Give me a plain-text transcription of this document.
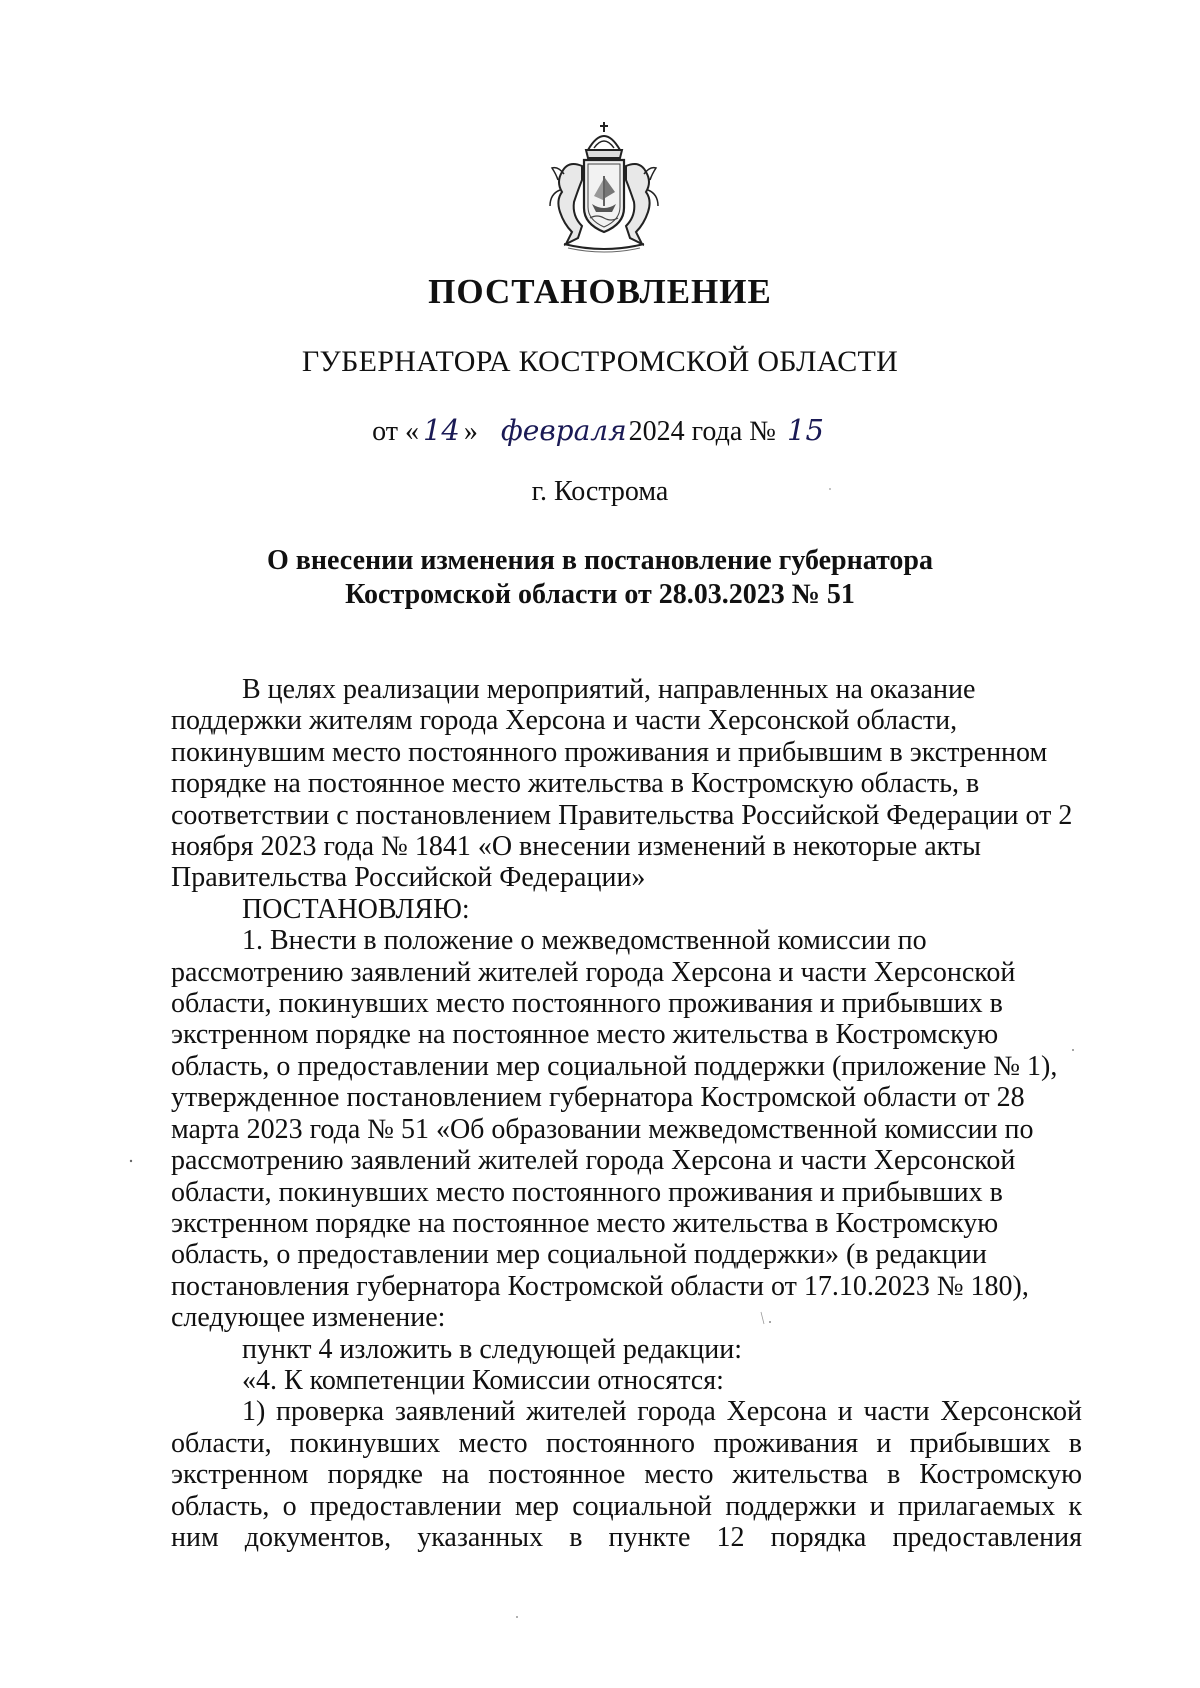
ПОСТАНОВЛЕНИЕ
ГУБЕРНАТОРА КОСТРОМСКОЙ ОБЛАСТИ
от « 14 » февраля2024 года № 15
г. Кострома
О внесении изменения в постановление губернатора
Костромской области от 28.03.2023 № 51

В целях реализации мероприятий, направленных на оказание поддержки жителям города Херсона и части Херсонской области, покинувшим место постоянного проживания и прибывшим в экстренном порядке на постоянное место жительства в Костромскую область, в соответствии с постановлением Правительства Российской Федерации от 2 ноября 2023 года № 1841 «О внесении изменений в некоторые акты Правительства Российской Федерации»

ПОСТАНОВЛЯЮ:

1. Внести в положение о межведомственной комиссии по рассмотрению заявлений жителей города Херсона и части Херсонской области, покинувших место постоянного проживания и прибывших в экстренном порядке на постоянное место жительства в Костромскую область, о предоставлении мер социальной поддержки (приложение № 1), утвержденное постановлением губернатора Костромской области от 28 марта 2023 года № 51 «Об образовании межведомственной комиссии по рассмотрению заявлений жителей города Херсона и части Херсонской области, покинувших место постоянного проживания и прибывших в экстренном порядке на постоянное место жительства в Костромскую область, о предоставлении мер социальной поддержки» (в редакции постановления губернатора Костромской области от 17.10.2023 № 180), следующее изменение:

пункт 4 изложить в следующей редакции:

«4. К компетенции Комиссии относятся:

1) проверка заявлений жителей города Херсона и части Херсонской области, покинувших место постоянного проживания и прибывших в экстренном порядке на постоянное место жительства в Костромскую область, о предоставлении мер социальной поддержки и прилагаемых к ним документов, указанных в пункте 12 порядка предоставления
